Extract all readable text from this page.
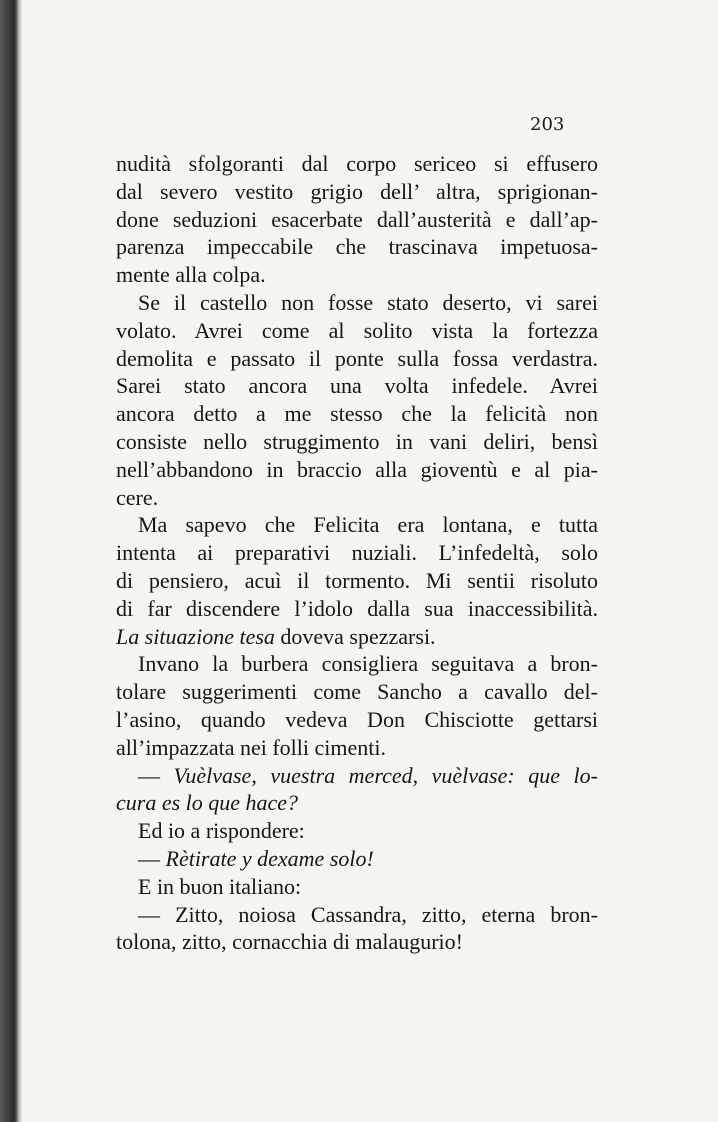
203
nudità sfolgoranti dal corpo sericeo si effusero
dal severo vestito grigio dell’ altra, sprigionan-
done seduzioni esacerbate dall’austerità e dall’ap-
parenza impeccabile che trascinava impetuosa-
mente alla colpa.
Se il castello non fosse stato deserto, vi sarei
volato. Avrei come al solito vista la fortezza
demolita e passato il ponte sulla fossa verdastra.
Sarei stato ancora una volta infedele. Avrei
ancora detto a me stesso che la felicità non
consiste nello struggimento in vani deliri, bensì
nell’abbandono in braccio alla gioventù e al pia-
cere.
Ma sapevo che Felicita era lontana, e tutta
intenta ai preparativi nuziali. L’infedeltà, solo
di pensiero, acuì il tormento. Mi sentii risoluto
di far discendere l’idolo dalla sua inaccessibilità.
La situazione tesa doveva spezzarsi.
Invano la burbera consigliera seguitava a bron-
tolare suggerimenti come Sancho a cavallo del-
l’asino, quando vedeva Don Chisciotte gettarsi
all’impazzata nei folli cimenti.
— Vuèlvase, vuestra merced, vuèlvase: que lo-
cura es lo que hace?
Ed io a rispondere:
— Rètirate y dexame solo!
E in buon italiano:
— Zitto, noiosa Cassandra, zitto, eterna bron-
tolona, zitto, cornacchia di malaugurio!
